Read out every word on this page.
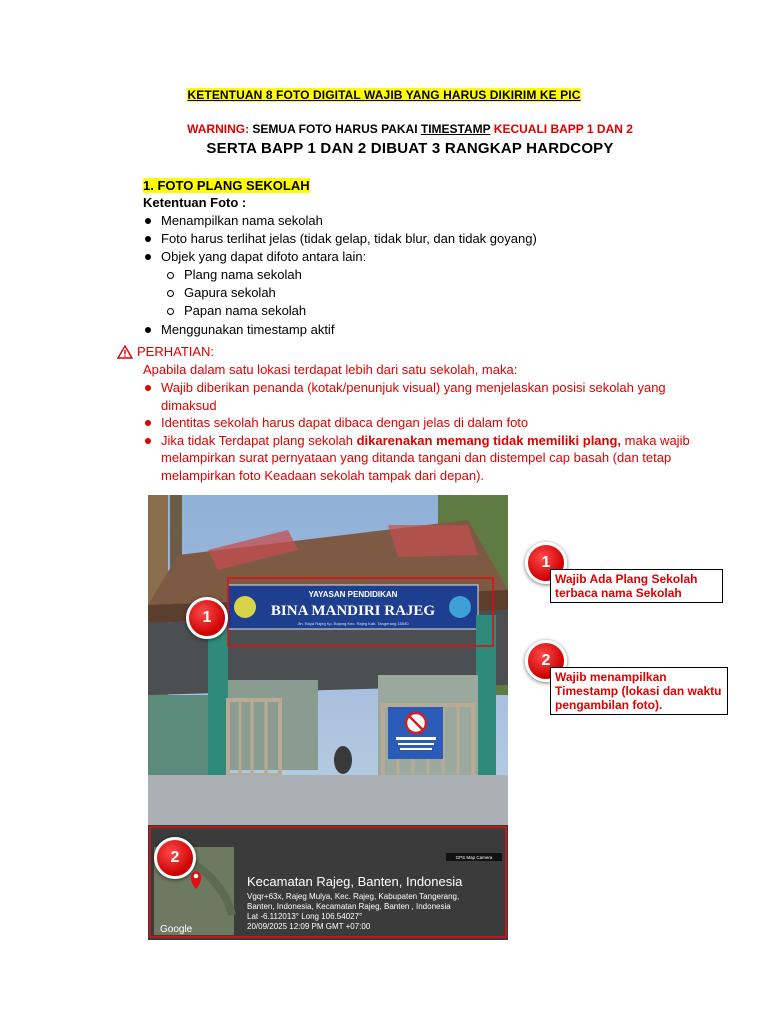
KETENTUAN 8 FOTO DIGITAL WAJIB YANG HARUS DIKIRIM KE PIC
WARNING: SEMUA FOTO HARUS PAKAI TIMESTAMP KECUALI BAPP 1 DAN 2
SERTA BAPP 1 DAN 2 DIBUAT 3 RANGKAP HARDCOPY
1. FOTO PLANG SEKOLAH
Ketentuan Foto :
Menampilkan nama sekolah
Foto harus terlihat jelas (tidak gelap, tidak blur, dan tidak goyang)
Objek yang dapat difoto antara lain:
Plang nama sekolah
Gapura sekolah
Papan nama sekolah
Menggunakan timestamp aktif
PERHATIAN:
Apabila dalam satu lokasi terdapat lebih dari satu sekolah, maka:
Wajib diberikan penanda (kotak/penunjuk visual) yang menjelaskan posisi sekolah yang dimaksud
Identitas sekolah harus dapat dibaca dengan jelas di dalam foto
Jika tidak Terdapat plang sekolah dikarenakan memang tidak memiliki plang, maka wajib melampirkan surat pernyataan yang ditanda tangani dan distempel cap basah (dan tetap melampirkan foto Keadaan sekolah tampak dari depan).
YAYASAN PENDIDIKAN
BINA MANDIRI RAJEG
Jln. Raya Rajeg Kp. Bojong Kec. Rajeg Kab. Tangerang 15540
Google
GPS Map Camera
Kecamatan Rajeg, Banten, Indonesia
Vgqr+63x, Rajeg Mulya, Kec. Rajeg, Kabupaten Tangerang,
Banten, Indonesia, Kecamatan Rajeg, Banten , Indonesia
Lat -6.112013° Long 106.54027°
20/09/2025 12:09 PM GMT +07:00
1
2
1
Wajib Ada Plang Sekolah terbaca nama Sekolah
2
Wajib menampilkan Timestamp (lokasi dan waktu pengambilan foto).
